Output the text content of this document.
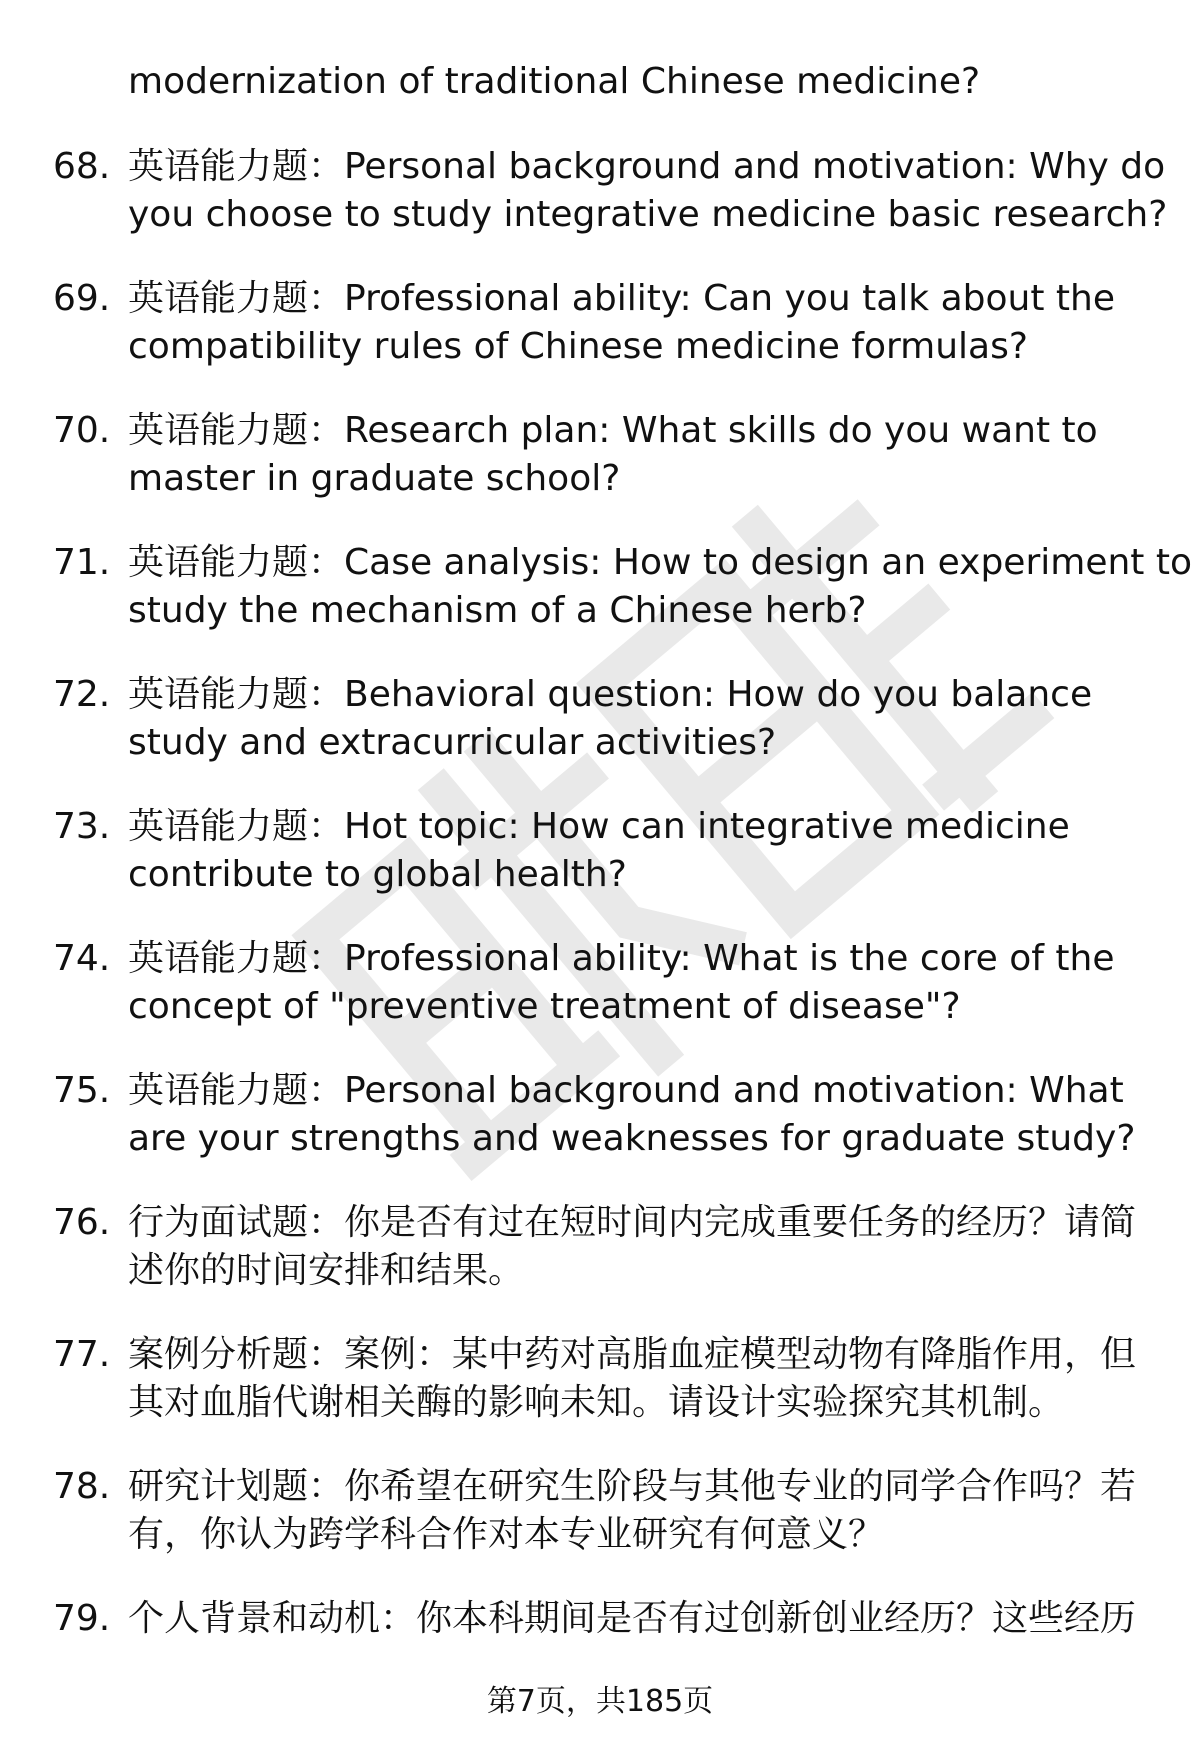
modernization of traditional Chinese medicine?
68. 英语能力题：Personal background and motivation: Why do
you choose to study integrative medicine basic research?
69. 英语能力题：Professional ability: Can you talk about the
compatibility rules of Chinese medicine formulas?
70. 英语能力题：Research plan: What skills do you want to
master in graduate school?
71. 英语能力题：Case analysis: How to design an experiment to
study the mechanism of a Chinese herb?
72. 英语能力题：Behavioral question: How do you balance
study and extracurricular activities?
73. 英语能力题：Hot topic: How can integrative medicine
contribute to global health?
74. 英语能力题：Professional ability: What is the core of the
concept of "preventive treatment of disease"?
75. 英语能力题：Personal background and motivation: What
are your strengths and weaknesses for graduate study?
76. 行为面试题：你是否有过在短时间内完成重要任务的经历？请简
述你的时间安排和结果。
77. 案例分析题：案例：某中药对高脂血症模型动物有降脂作用，但
其对血脂代谢相关酶的影响未知。请设计实验探究其机制。
78. 研究计划题：你希望在研究生阶段与其他专业的同学合作吗？若
有，你认为跨学科合作对本专业研究有何意义？
79. 个人背景和动机：你本科期间是否有过创新创业经历？这些经历
第7页，共185页
